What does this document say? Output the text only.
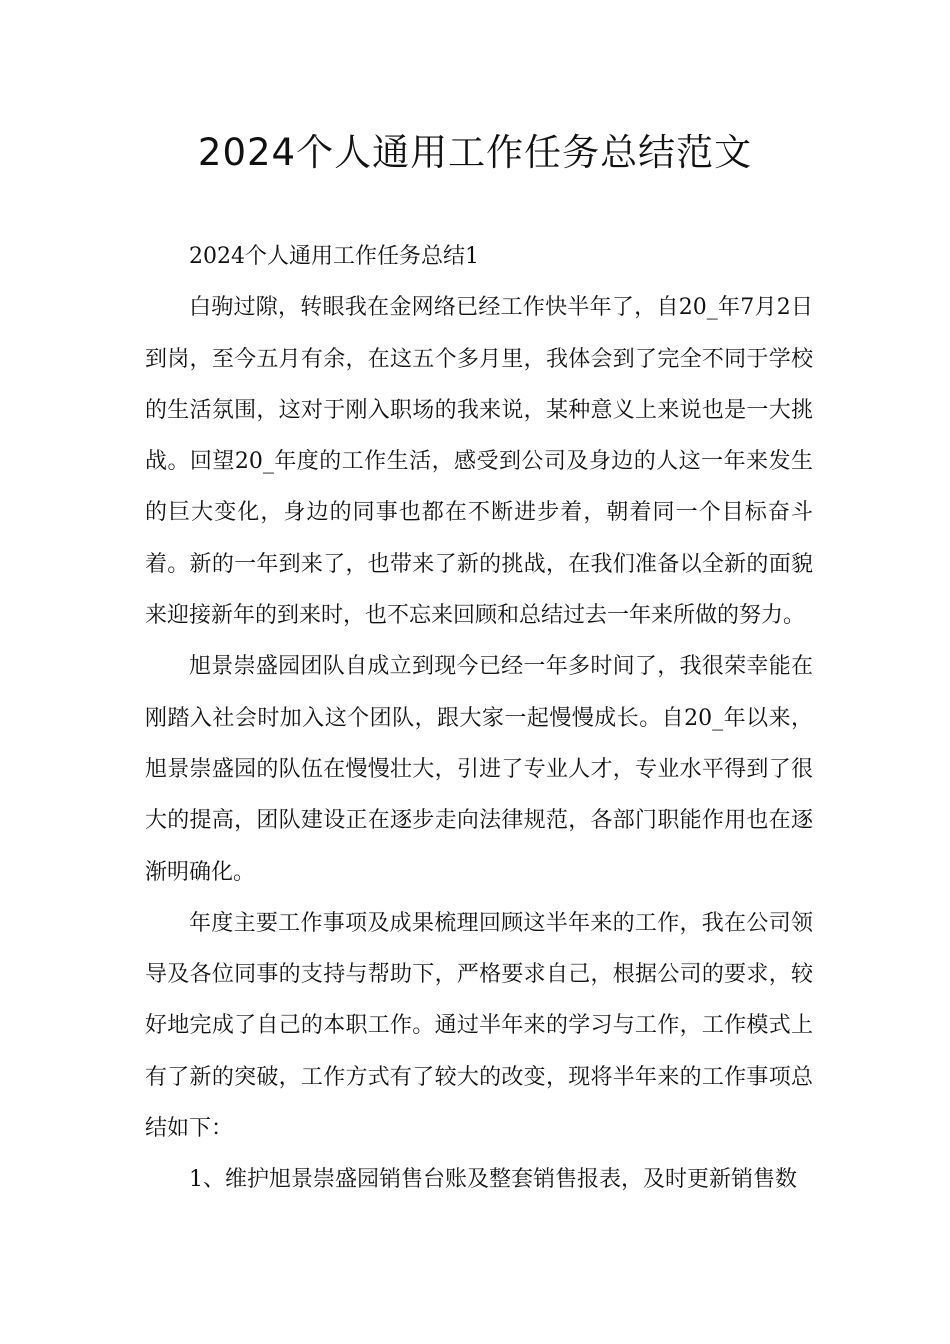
2024个人通用工作任务总结范文

2024个人通用工作任务总结1

白驹过隙，转眼我在金网络已经工作快半年了，自20_年7月2日到岗，至今五月有余，在这五个多月里，我体会到了完全不同于学校的生活氛围，这对于刚入职场的我来说，某种意义上来说也是一大挑战。回望20_年度的工作生活，感受到公司及身边的人这一年来发生的巨大变化，身边的同事也都在不断进步着，朝着同一个目标奋斗着。新的一年到来了，也带来了新的挑战，在我们准备以全新的面貌来迎接新年的到来时，也不忘来回顾和总结过去一年来所做的努力。

旭景崇盛园团队自成立到现今已经一年多时间了，我很荣幸能在刚踏入社会时加入这个团队，跟大家一起慢慢成长。自20_年以来，旭景崇盛园的队伍在慢慢壮大，引进了专业人才，专业水平得到了很大的提高，团队建设正在逐步走向法律规范，各部门职能作用也在逐渐明确化。

年度主要工作事项及成果梳理回顾这半年来的工作，我在公司领导及各位同事的支持与帮助下，严格要求自己，根据公司的要求，较好地完成了自己的本职工作。通过半年来的学习与工作，工作模式上有了新的突破，工作方式有了较大的改变，现将半年来的工作事项总结如下：

1、维护旭景崇盛园销售台账及整套销售报表，及时更新销售数
